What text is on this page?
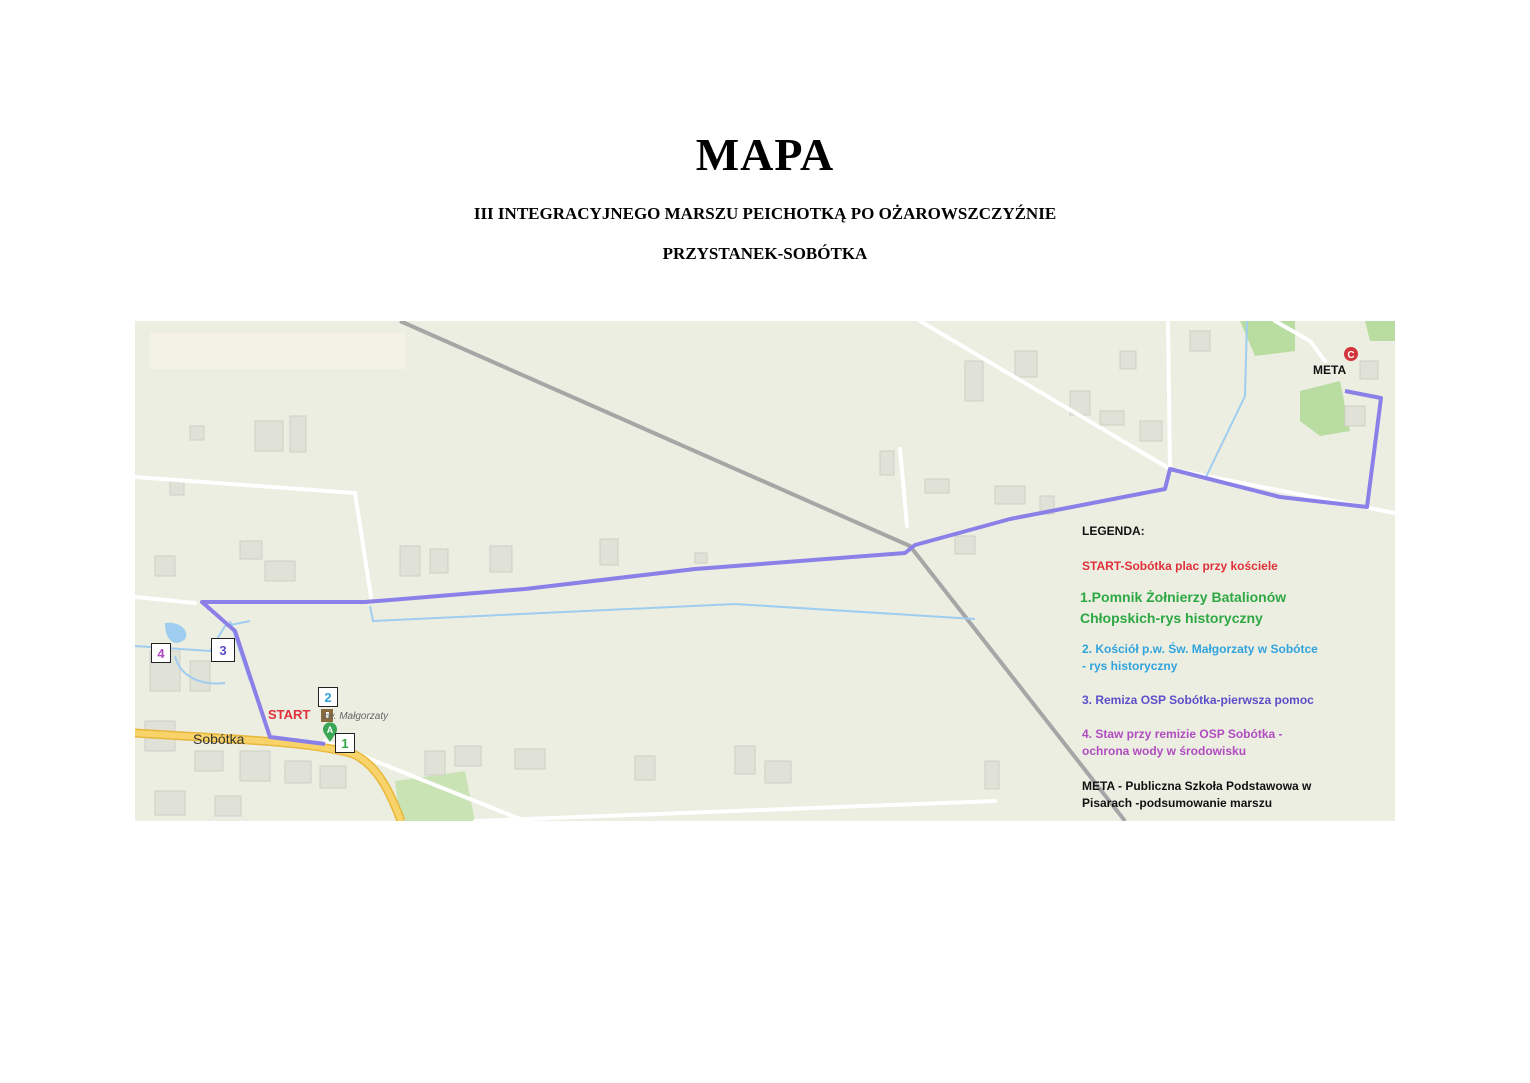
MAPA
III INTEGRACYJNEGO MARSZU PEICHOTKĄ PO OŻAROWSZCZYŹNIE
PRZYSTANEK-SOBÓTKA
C
A
Sobótka
św. Małgorzaty
START
META
1
2
3
4
LEGENDA:
START-Sobótka plac przy kościele
1.Pomnik Żołnierzy Batalionów
Chłopskich-rys historyczny
2. Kościół p.w. Św. Małgorzaty w Sobótce
- rys historyczny
3. Remiza OSP Sobótka-pierwsza pomoc
4. Staw przy remizie OSP Sobótka -
ochrona wody w środowisku
META - Publiczna Szkoła Podstawowa w
Pisarach -podsumowanie marszu
